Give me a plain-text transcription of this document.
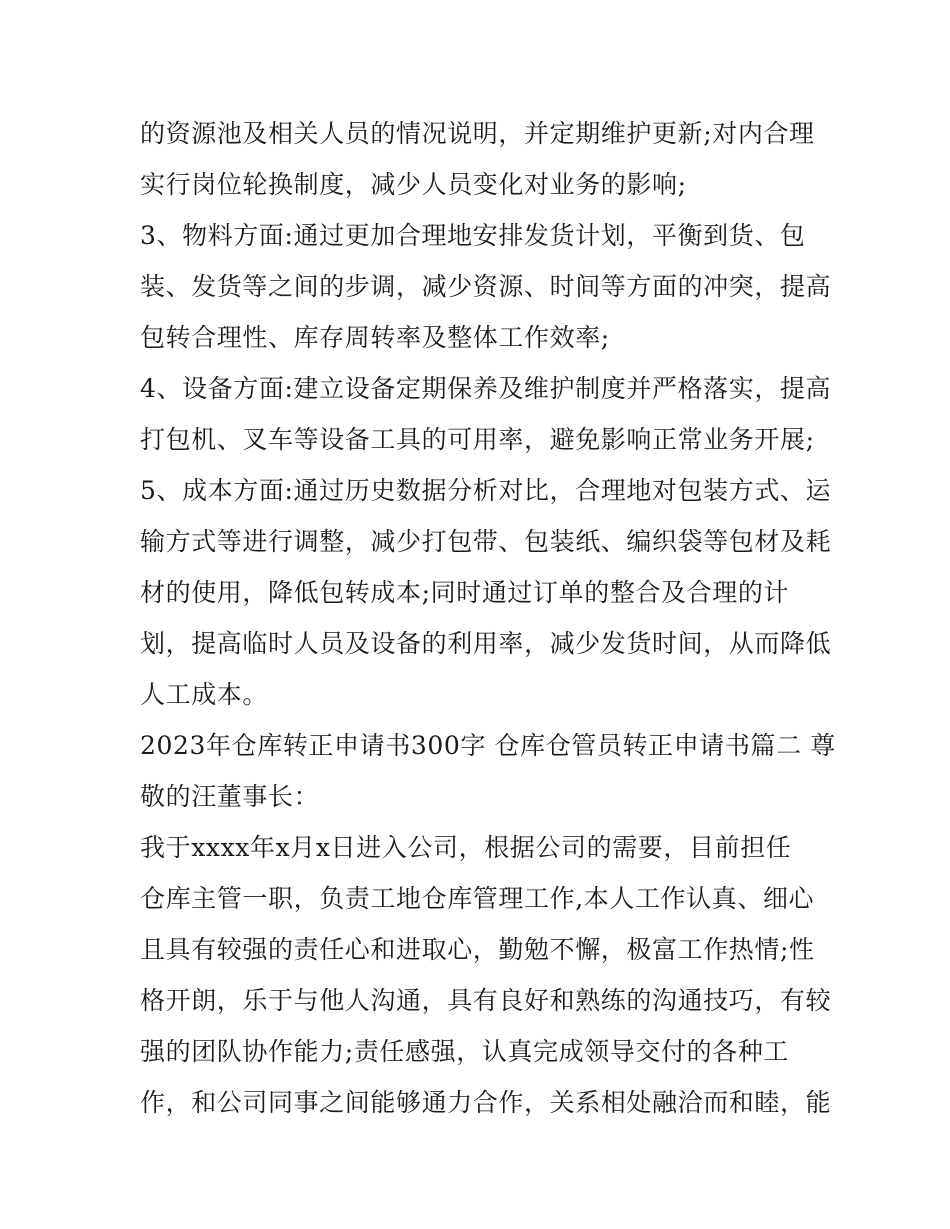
的资源池及相关人员的情况说明，并定期维护更新;对内合理
实行岗位轮换制度，减少人员变化对业务的影响;
3、物料方面:通过更加合理地安排发货计划，平衡到货、包
装、发货等之间的步调，减少资源、时间等方面的冲突，提高
包转合理性、库存周转率及整体工作效率;
4、设备方面:建立设备定期保养及维护制度并严格落实，提高
打包机、叉车等设备工具的可用率，避免影响正常业务开展;
5、成本方面:通过历史数据分析对比，合理地对包装方式、运
输方式等进行调整，减少打包带、包装纸、编织袋等包材及耗
材的使用，降低包转成本;同时通过订单的整合及合理的计
划，提高临时人员及设备的利用率，减少发货时间，从而降低
人工成本。
2023年仓库转正申请书300字 仓库仓管员转正申请书篇二 尊
敬的汪董事长：
我于xxxx年x月x日进入公司，根据公司的需要，目前担任
仓库主管一职，负责工地仓库管理工作,本人工作认真、细心
且具有较强的责任心和进取心，勤勉不懈，极富工作热情;性
格开朗，乐于与他人沟通，具有良好和熟练的沟通技巧，有较
强的团队协作能力;责任感强，认真完成领导交付的各种工
作，和公司同事之间能够通力合作，关系相处融洽而和睦，能
